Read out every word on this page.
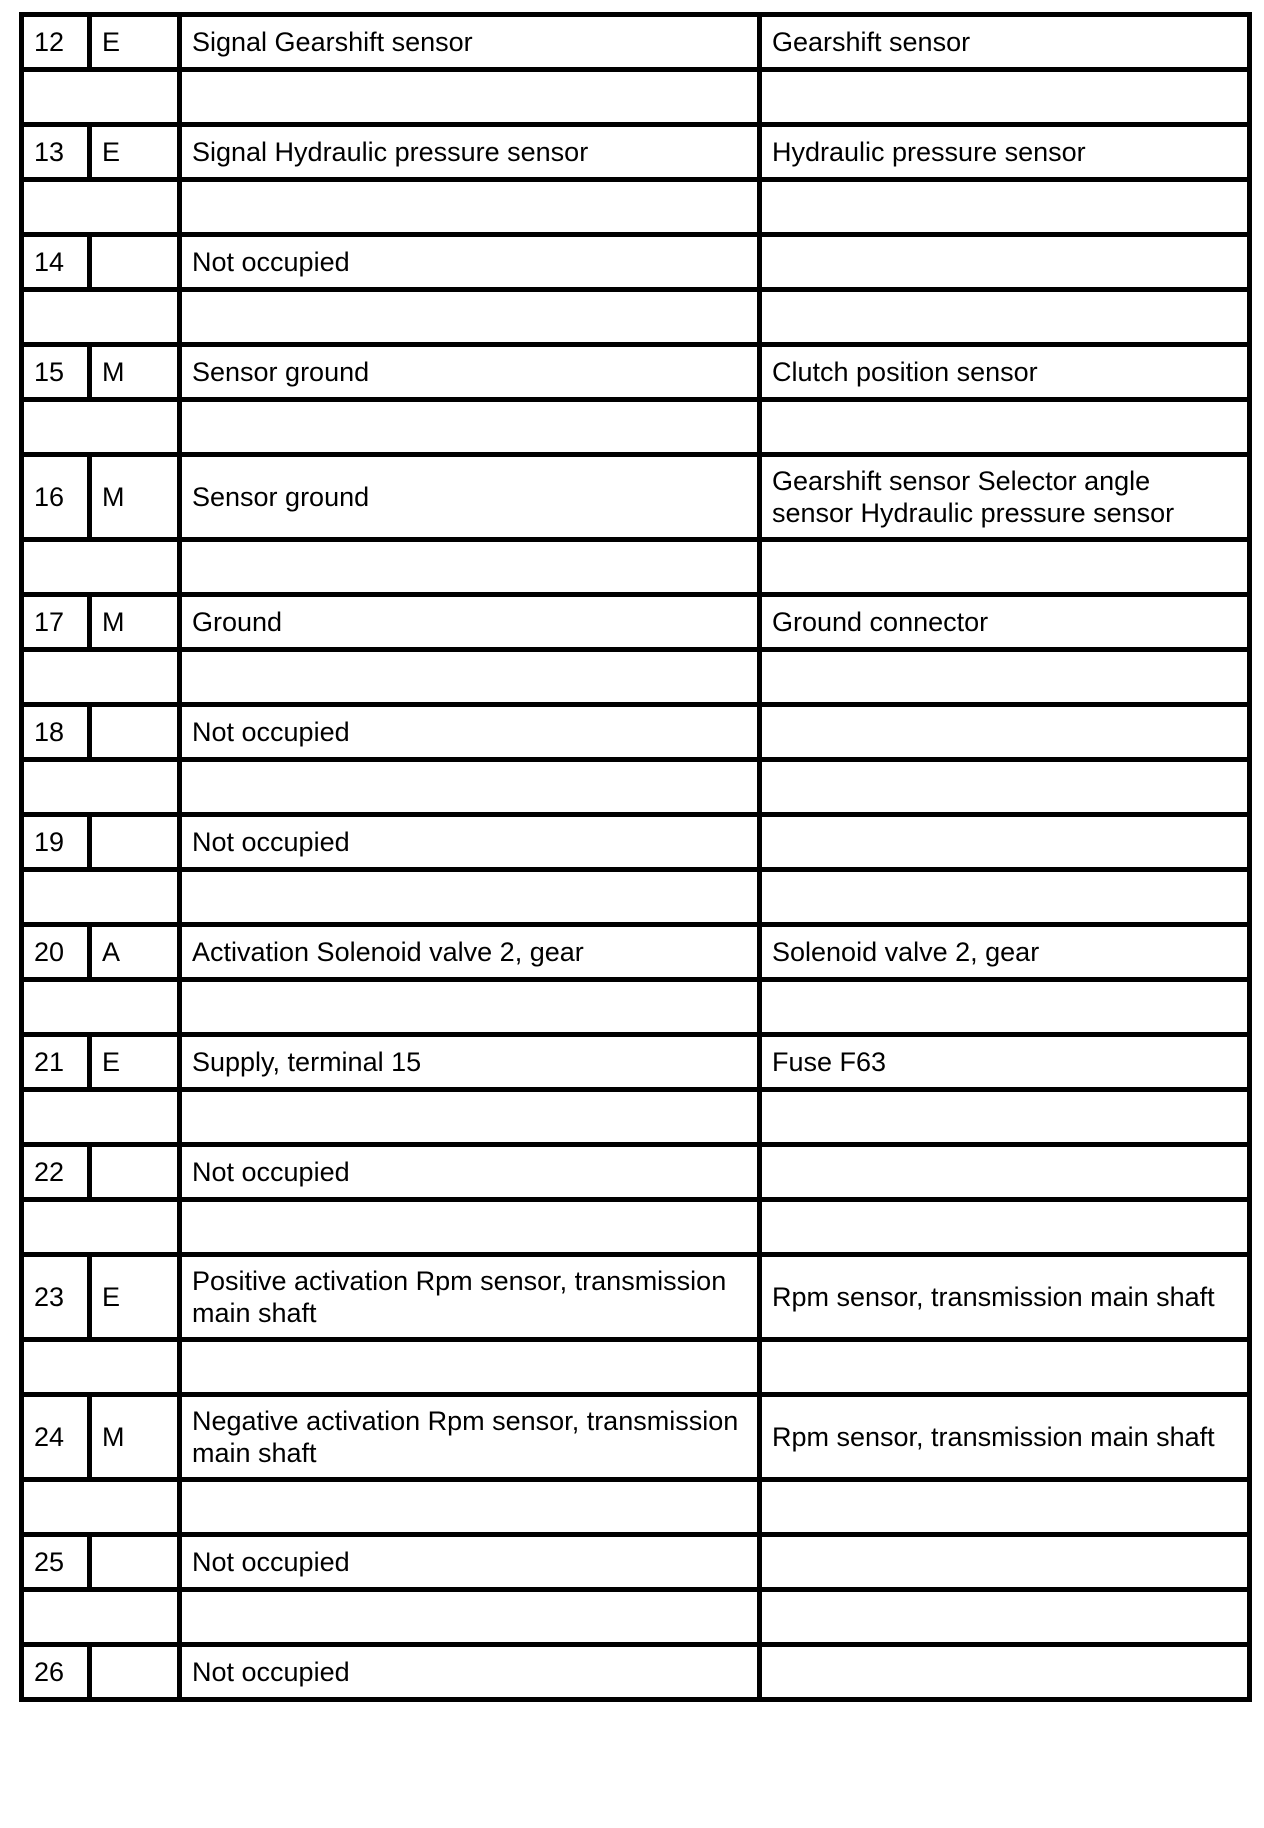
12	E	Signal Gearshift sensor	Gearshift sensor

13	E	Signal Hydraulic pressure sensor	Hydraulic pressure sensor

14		Not occupied	

15	M	Sensor ground	Clutch position sensor

16	M	Sensor ground	Gearshift sensor Selector angle sensor Hydraulic pressure sensor

17	M	Ground	Ground connector

18		Not occupied	

19		Not occupied	

20	A	Activation Solenoid valve 2, gear	Solenoid valve 2, gear

21	E	Supply, terminal 15	Fuse F63

22		Not occupied	

23	E	Positive activation Rpm sensor, transmission main shaft	Rpm sensor, transmission main shaft

24	M	Negative activation Rpm sensor, transmission main shaft	Rpm sensor, transmission main shaft

25		Not occupied	

26		Not occupied	
